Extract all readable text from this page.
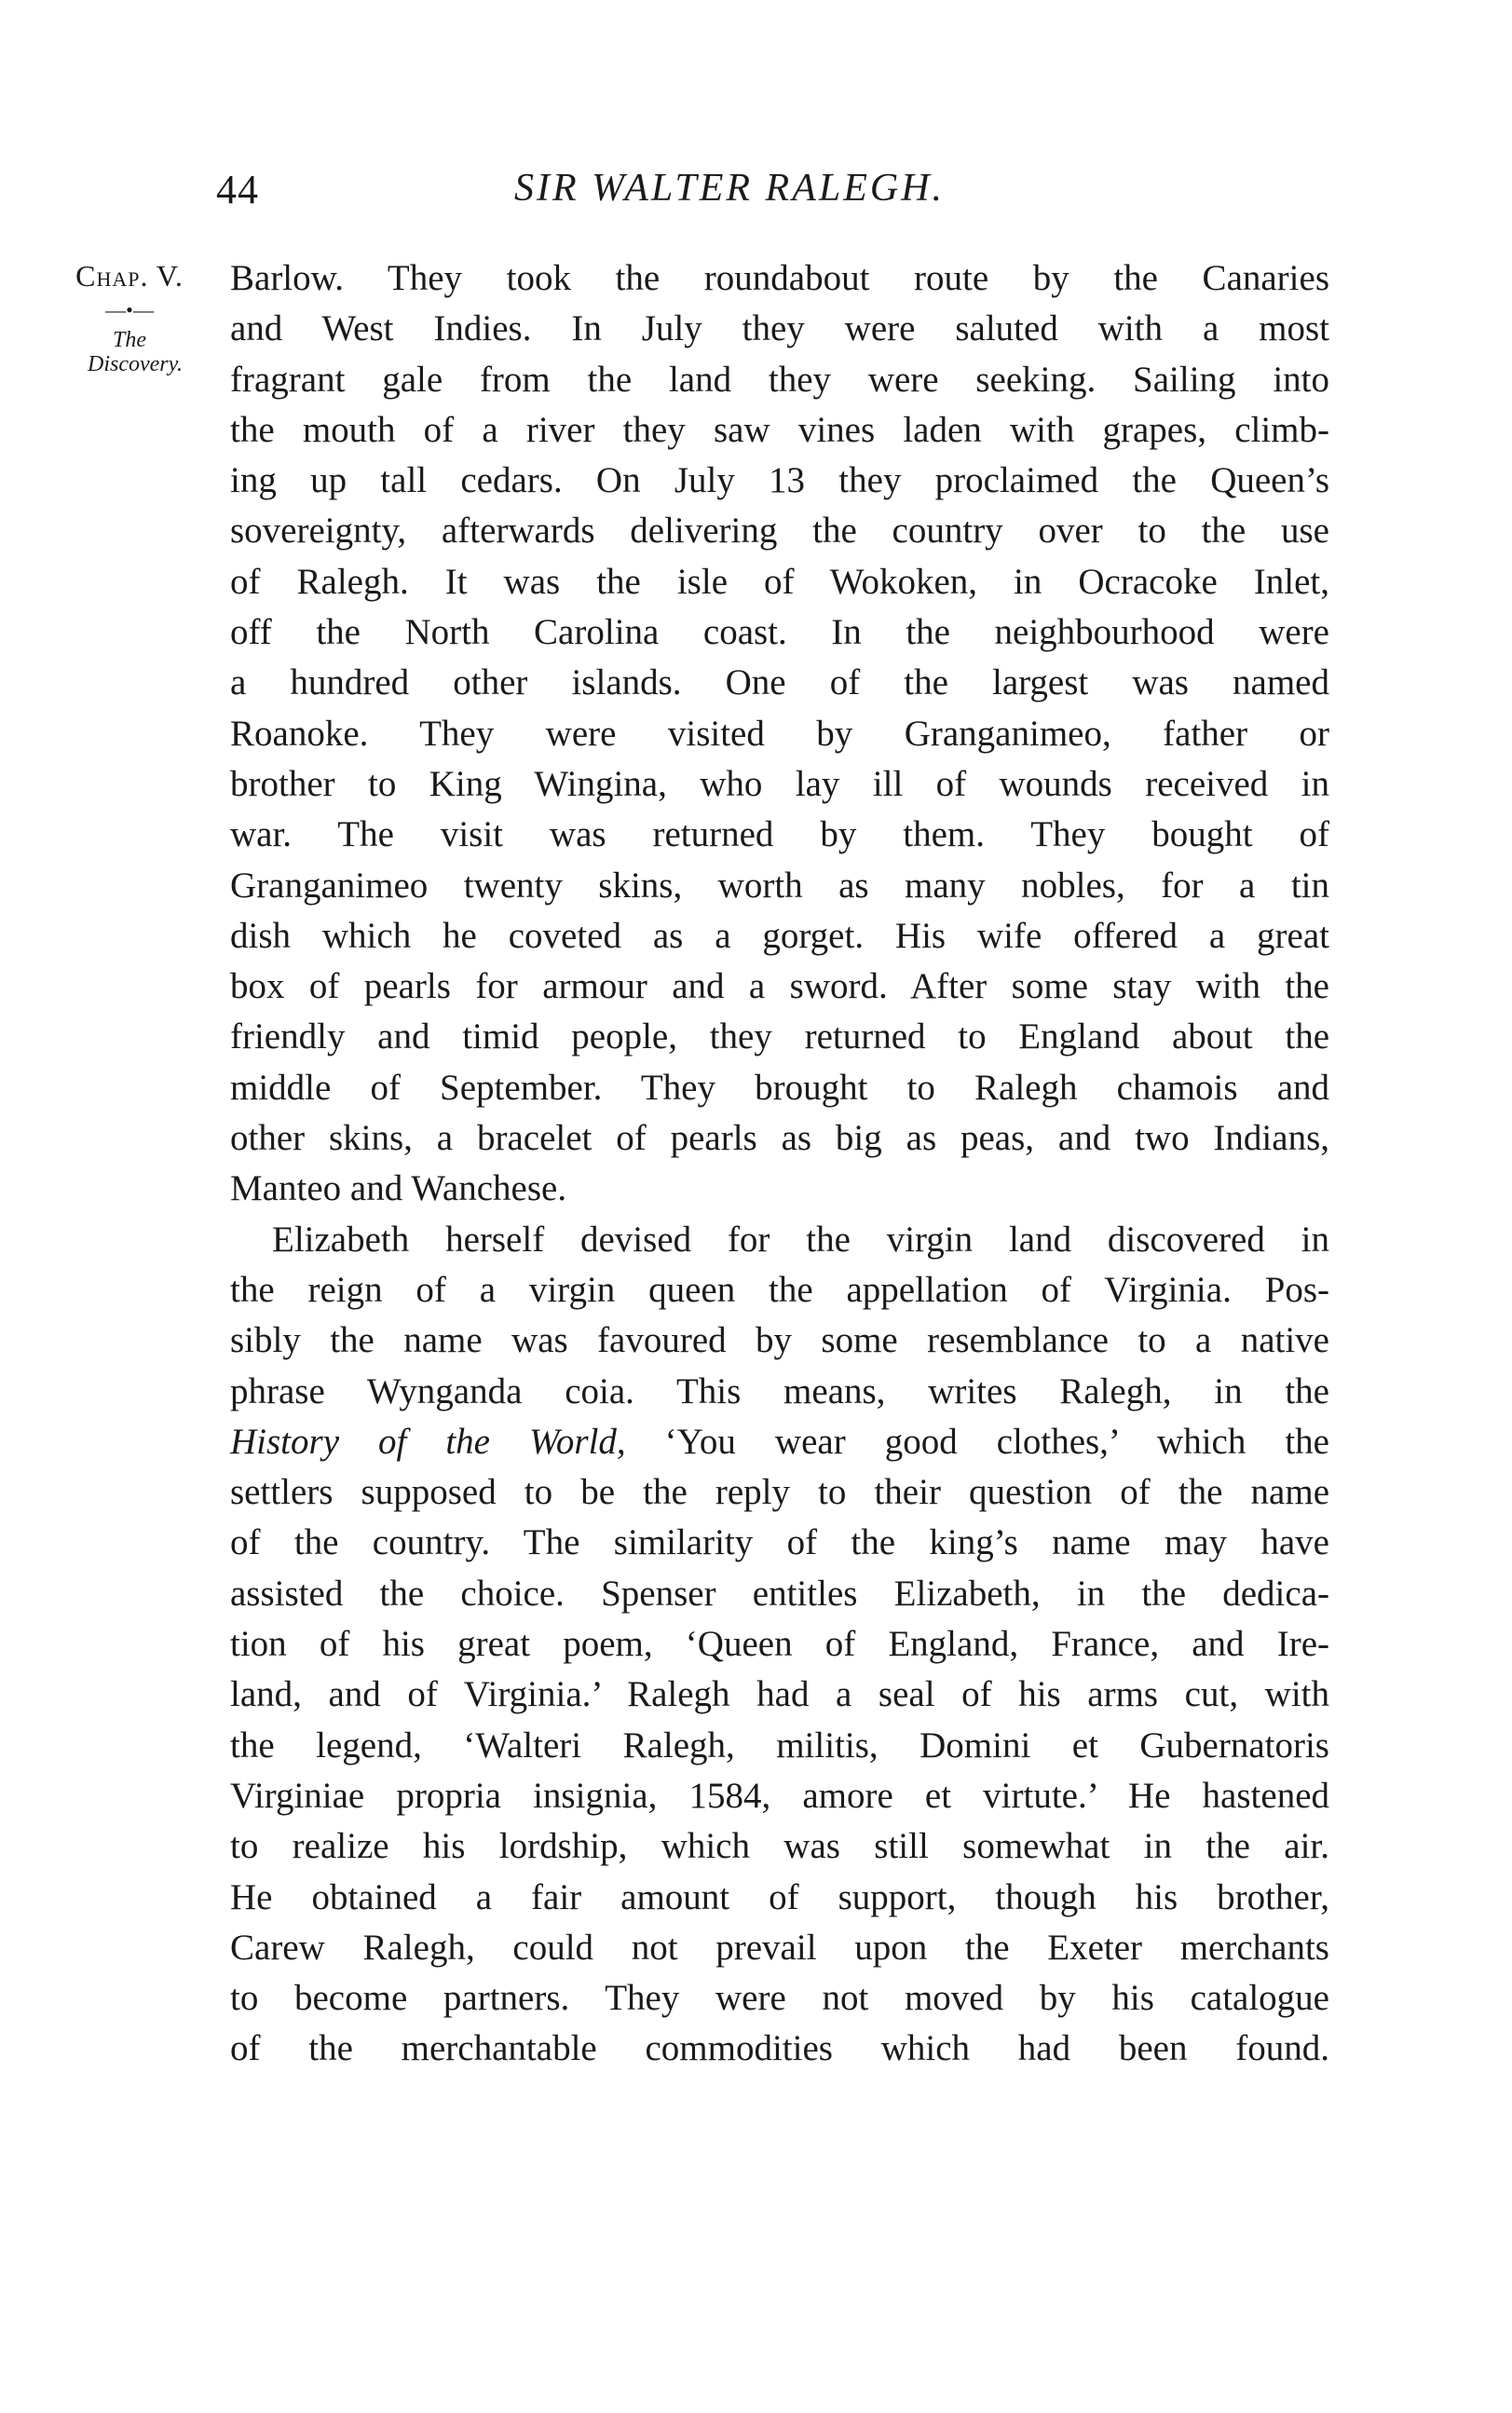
44	SIR WALTER RALEGH.
Chap. V.
—•—
The Discovery.
Barlow. They took the roundabout route by the Canaries
and West Indies. In July they were saluted with a most
fragrant gale from the land they were seeking. Sailing into
the mouth of a river they saw vines laden with grapes, climb-
ing up tall cedars. On July 13 they proclaimed the Queen’s
sovereignty, afterwards delivering the country over to the use
of Ralegh. It was the isle of Wokoken, in Ocracoke Inlet,
off the North Carolina coast. In the neighbourhood were
a hundred other islands. One of the largest was named
Roanoke. They were visited by Granganimeo, father or
brother to King Wingina, who lay ill of wounds received in
war. The visit was returned by them. They bought of
Granganimeo twenty skins, worth as many nobles, for a tin
dish which he coveted as a gorget. His wife offered a great
box of pearls for armour and a sword. After some stay with the
friendly and timid people, they returned to England about the
middle of September. They brought to Ralegh chamois and
other skins, a bracelet of pearls as big as peas, and two Indians,
Manteo and Wanchese.
Elizabeth herself devised for the virgin land discovered in
the reign of a virgin queen the appellation of Virginia. Pos-
sibly the name was favoured by some resemblance to a native
phrase Wynganda coia. This means, writes Ralegh, in the
History of the World, ‘You wear good clothes,’ which the
settlers supposed to be the reply to their question of the name
of the country. The similarity of the king’s name may have
assisted the choice. Spenser entitles Elizabeth, in the dedica-
tion of his great poem, ‘Queen of England, France, and Ire-
land, and of Virginia.’ Ralegh had a seal of his arms cut, with
the legend, ‘Walteri Ralegh, militis, Domini et Gubernatoris
Virginiae propria insignia, 1584, amore et virtute.’ He hastened
to realize his lordship, which was still somewhat in the air.
He obtained a fair amount of support, though his brother,
Carew Ralegh, could not prevail upon the Exeter merchants
to become partners. They were not moved by his catalogue
of the merchantable commodities which had been found.
